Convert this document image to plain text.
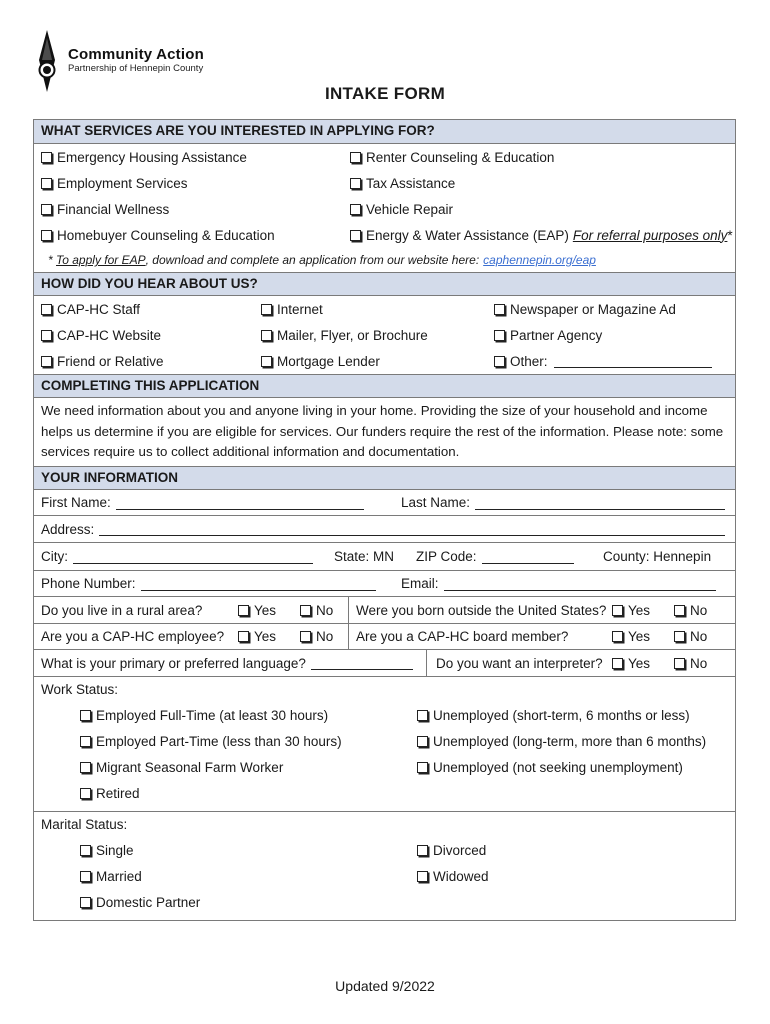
Community Action
Partnership of Hennepin County
INTAKE FORM
WHAT SERVICES ARE YOU INTERESTED IN APPLYING FOR?
Emergency Housing Assistance	Renter Counseling & Education
Employment Services	Tax Assistance
Financial Wellness	Vehicle Repair
Homebuyer Counseling & Education	Energy & Water Assistance (EAP) For referral purposes only *
* To apply for EAP , download and complete an application from our website here: caphennepin.org/eap
HOW DID YOU HEAR ABOUT US?
CAP-HC Staff	Internet	Newspaper or Magazine Ad
CAP-HC Website	Mailer, Flyer, or Brochure	Partner Agency
Friend or Relative	Mortgage Lender	Other:
COMPLETING THIS APPLICATION
We need information about you and anyone living in your home. Providing the size of your household and income
helps us determine if you are eligible for services. Our funders require the rest of the information. Please note: some
services require us to collect additional information and documentation.
YOUR INFORMATION
First Name:	Last Name:
Address:
City:	State: MN ZIP Code:	County: Hennepin
Phone Number:	Email:
Do you live in a rural area?	Yes	No Were you born outside the United States? Yes	No
Are you a CAP-HC employee? Yes	No Are you a CAP-HC board member?	Yes	No
What is your primary or preferred language?	Do you want an interpreter? Yes	No
Work Status:
Employed Full-Time (at least 30 hours)	Unemployed (short-term, 6 months or less)
Employed Part-Time (less than 30 hours)	Unemployed (long-term, more than 6 months)
Migrant Seasonal Farm Worker	Unemployed (not seeking unemployment)
Retired
Marital Status:
Single	Divorced
Married	Widowed
Domestic Partner
Updated 9/2022
